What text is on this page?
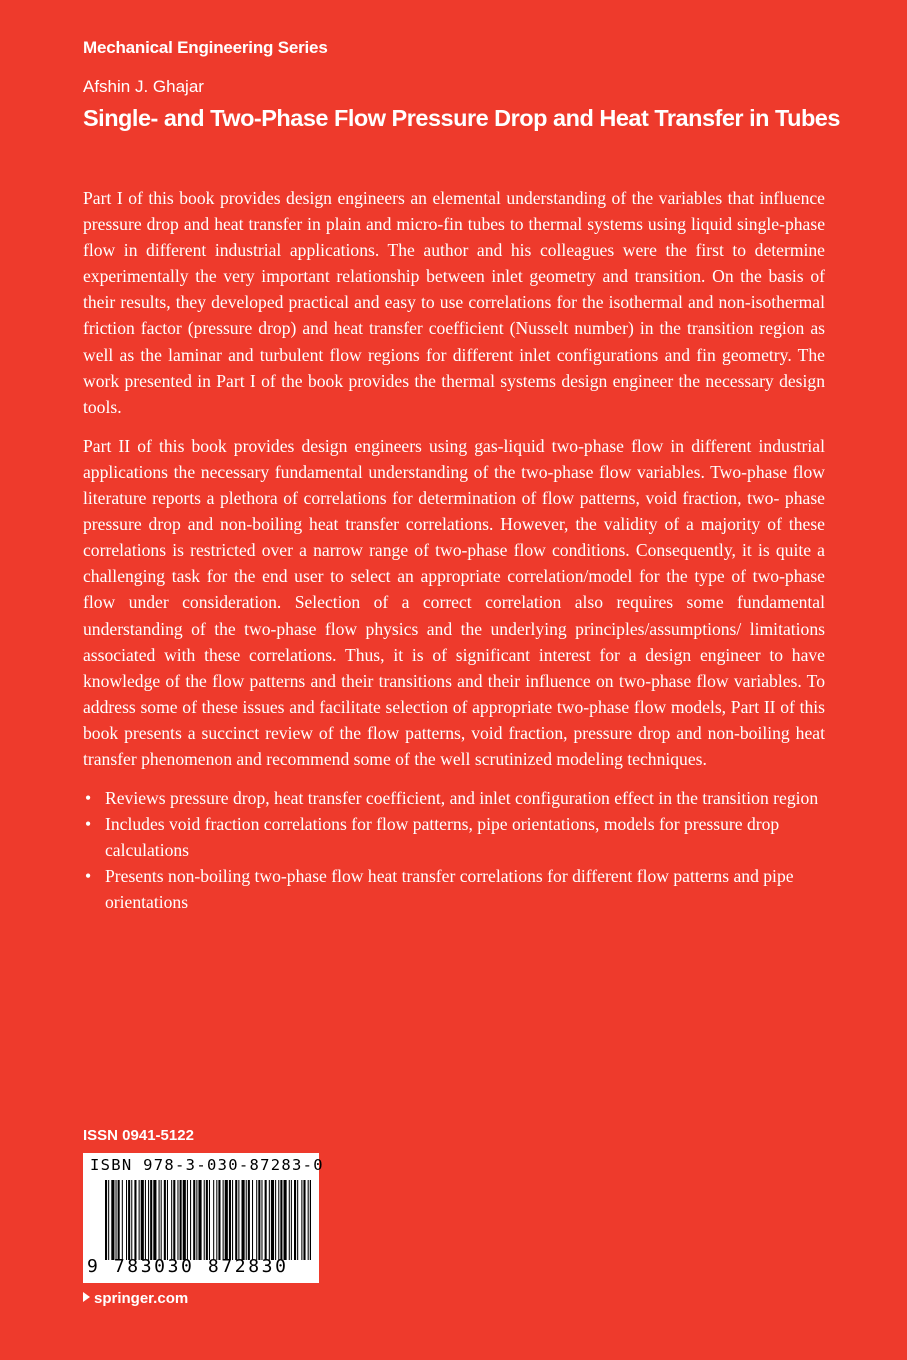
Mechanical Engineering Series
Afshin J. Ghajar
Single- and Two-Phase Flow Pressure Drop and Heat Transfer in Tubes

Part I of this book provides design engineers an elemental understanding of the variables that influence pressure drop and heat transfer in plain and micro-fin tubes to thermal systems using liquid single-phase flow in different industrial applications. The author and his colleagues were the first to determine experimentally the very important relationship between inlet geometry and transition. On the basis of their results, they developed practical and easy to use correlations for the isothermal and non-isothermal friction factor (pressure drop) and heat transfer coefficient (Nusselt number) in the transition region as well as the laminar and turbulent flow regions for different inlet configurations and fin geometry. The work presented in Part I of the book provides the thermal systems design engineer the necessary design tools.

Part II of this book provides design engineers using gas-liquid two-phase flow in different industrial applications the necessary fundamental understanding of the two-phase flow variables. Two-phase flow literature reports a plethora of correlations for determination of flow patterns, void fraction, two- phase pressure drop and non-boiling heat transfer correlations. However, the validity of a majority of these correlations is restricted over a narrow range of two-phase flow conditions. Consequently, it is quite a challenging task for the end user to select an appropriate correlation/model for the type of two-phase flow under consideration. Selection of a correct correlation also requires some fundamental understanding of the two-phase flow physics and the underlying principles/assumptions/ limitations associated with these correlations. Thus, it is of significant interest for a design engineer to have knowledge of the flow patterns and their transitions and their influence on two-phase flow variables. To address some of these issues and facilitate selection of appropriate two-phase flow models, Part II of this book presents a succinct review of the flow patterns, void fraction, pressure drop and non-boiling heat transfer phenomenon and recommend some of the well scrutinized modeling techniques.

• Reviews pressure drop, heat transfer coefficient, and inlet configuration effect in the transition region
• Includes void fraction correlations for flow patterns, pipe orientations, models for pressure drop calculations
• Presents non-boiling two-phase flow heat transfer correlations for different flow patterns and pipe orientations
ISSN 0941-5122
ISBN 978-3-030-87283-0
9 783030 872830
springer.com
